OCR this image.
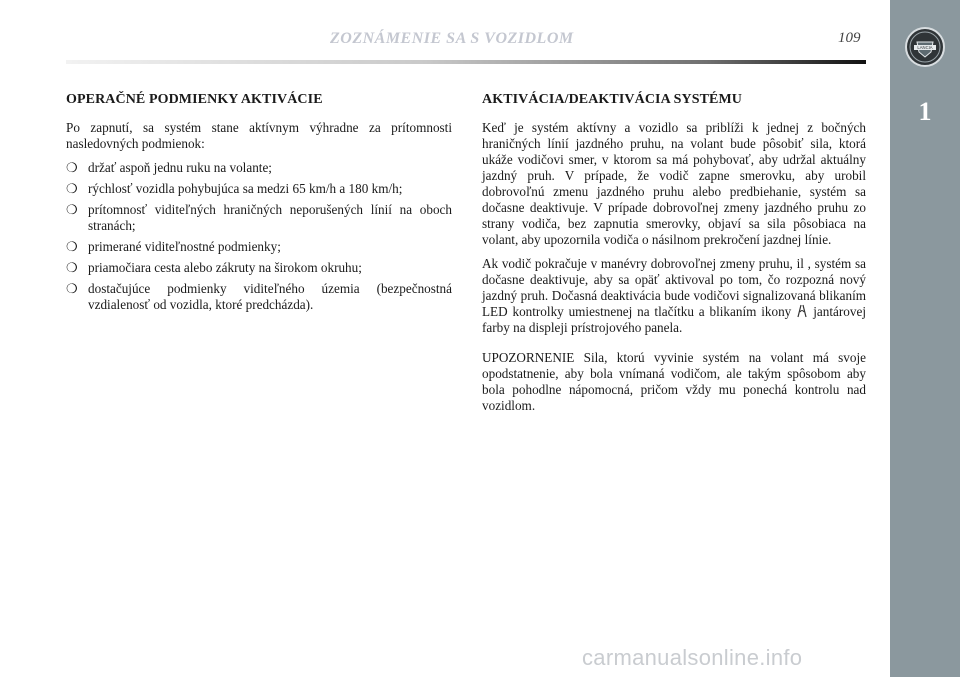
ZOZNÁMENIE SA S VOZIDLOM	109
LANCIA
1
OPERAČNÉ PODMIENKY AKTIVÁCIE

Po zapnutí, sa systém stane aktívnym výhradne za prítomnosti nasledovných podmienok:

❍ držať aspoň jednu ruku na volante;
❍ rýchlosť vozidla pohybujúca sa medzi 65 km/h a 180 km/h;
❍ prítomnosť viditeľných hraničných neporušených línií na oboch stranách;
❍ primerané viditeľnostné podmienky;
❍ priamočiara cesta alebo zákruty na širokom okruhu;
❍ dostačujúce podmienky viditeľného územia (bezpečnostná vzdialenosť od vozidla, ktoré predcházda).
AKTIVÁCIA/DEAKTIVÁCIA SYSTÉMU

Keď je systém aktívny a vozidlo sa priblíži k jednej z bočných hraničných línií jazdného pruhu, na volant bude pôsobiť sila, ktorá ukáže vodičovi smer, v ktorom sa má pohybovať, aby udržal aktuálny jazdný pruh. V prípade, že vodič zapne smerovku, aby urobil dobrovoľnú zmenu jazdného pruhu alebo predbiehanie, systém sa dočasne deaktivuje. V prípade dobrovoľnej zmeny jazdného pruhu zo strany vodiča, bez zapnutia smerovky, objaví sa sila pôsobiaca na volant, aby upozornila vodiča o násilnom prekročení jazdnej línie.

Ak vodič pokračuje v manévry dobrovoľnej zmeny pruhu, il , systém sa dočasne deaktivuje, aby sa opäť aktivoval po tom, čo rozpozná nový jazdný pruh. Dočasná deaktivácia bude vodičovi signalizovaná blikaním LED kontrolky umiestnenej na tlačítku a blikaním ikony jantárovej farby na displeji prístrojového panela.

UPOZORNENIE Sila, ktorú vyvinie systém na volant má svoje opodstatnenie, aby bola vnímaná vodičom, ale takým spôsobom aby bola pohodlne nápomocná, pričom vždy mu ponechá kontrolu nad vozidlom.

carmanualsonline.info
